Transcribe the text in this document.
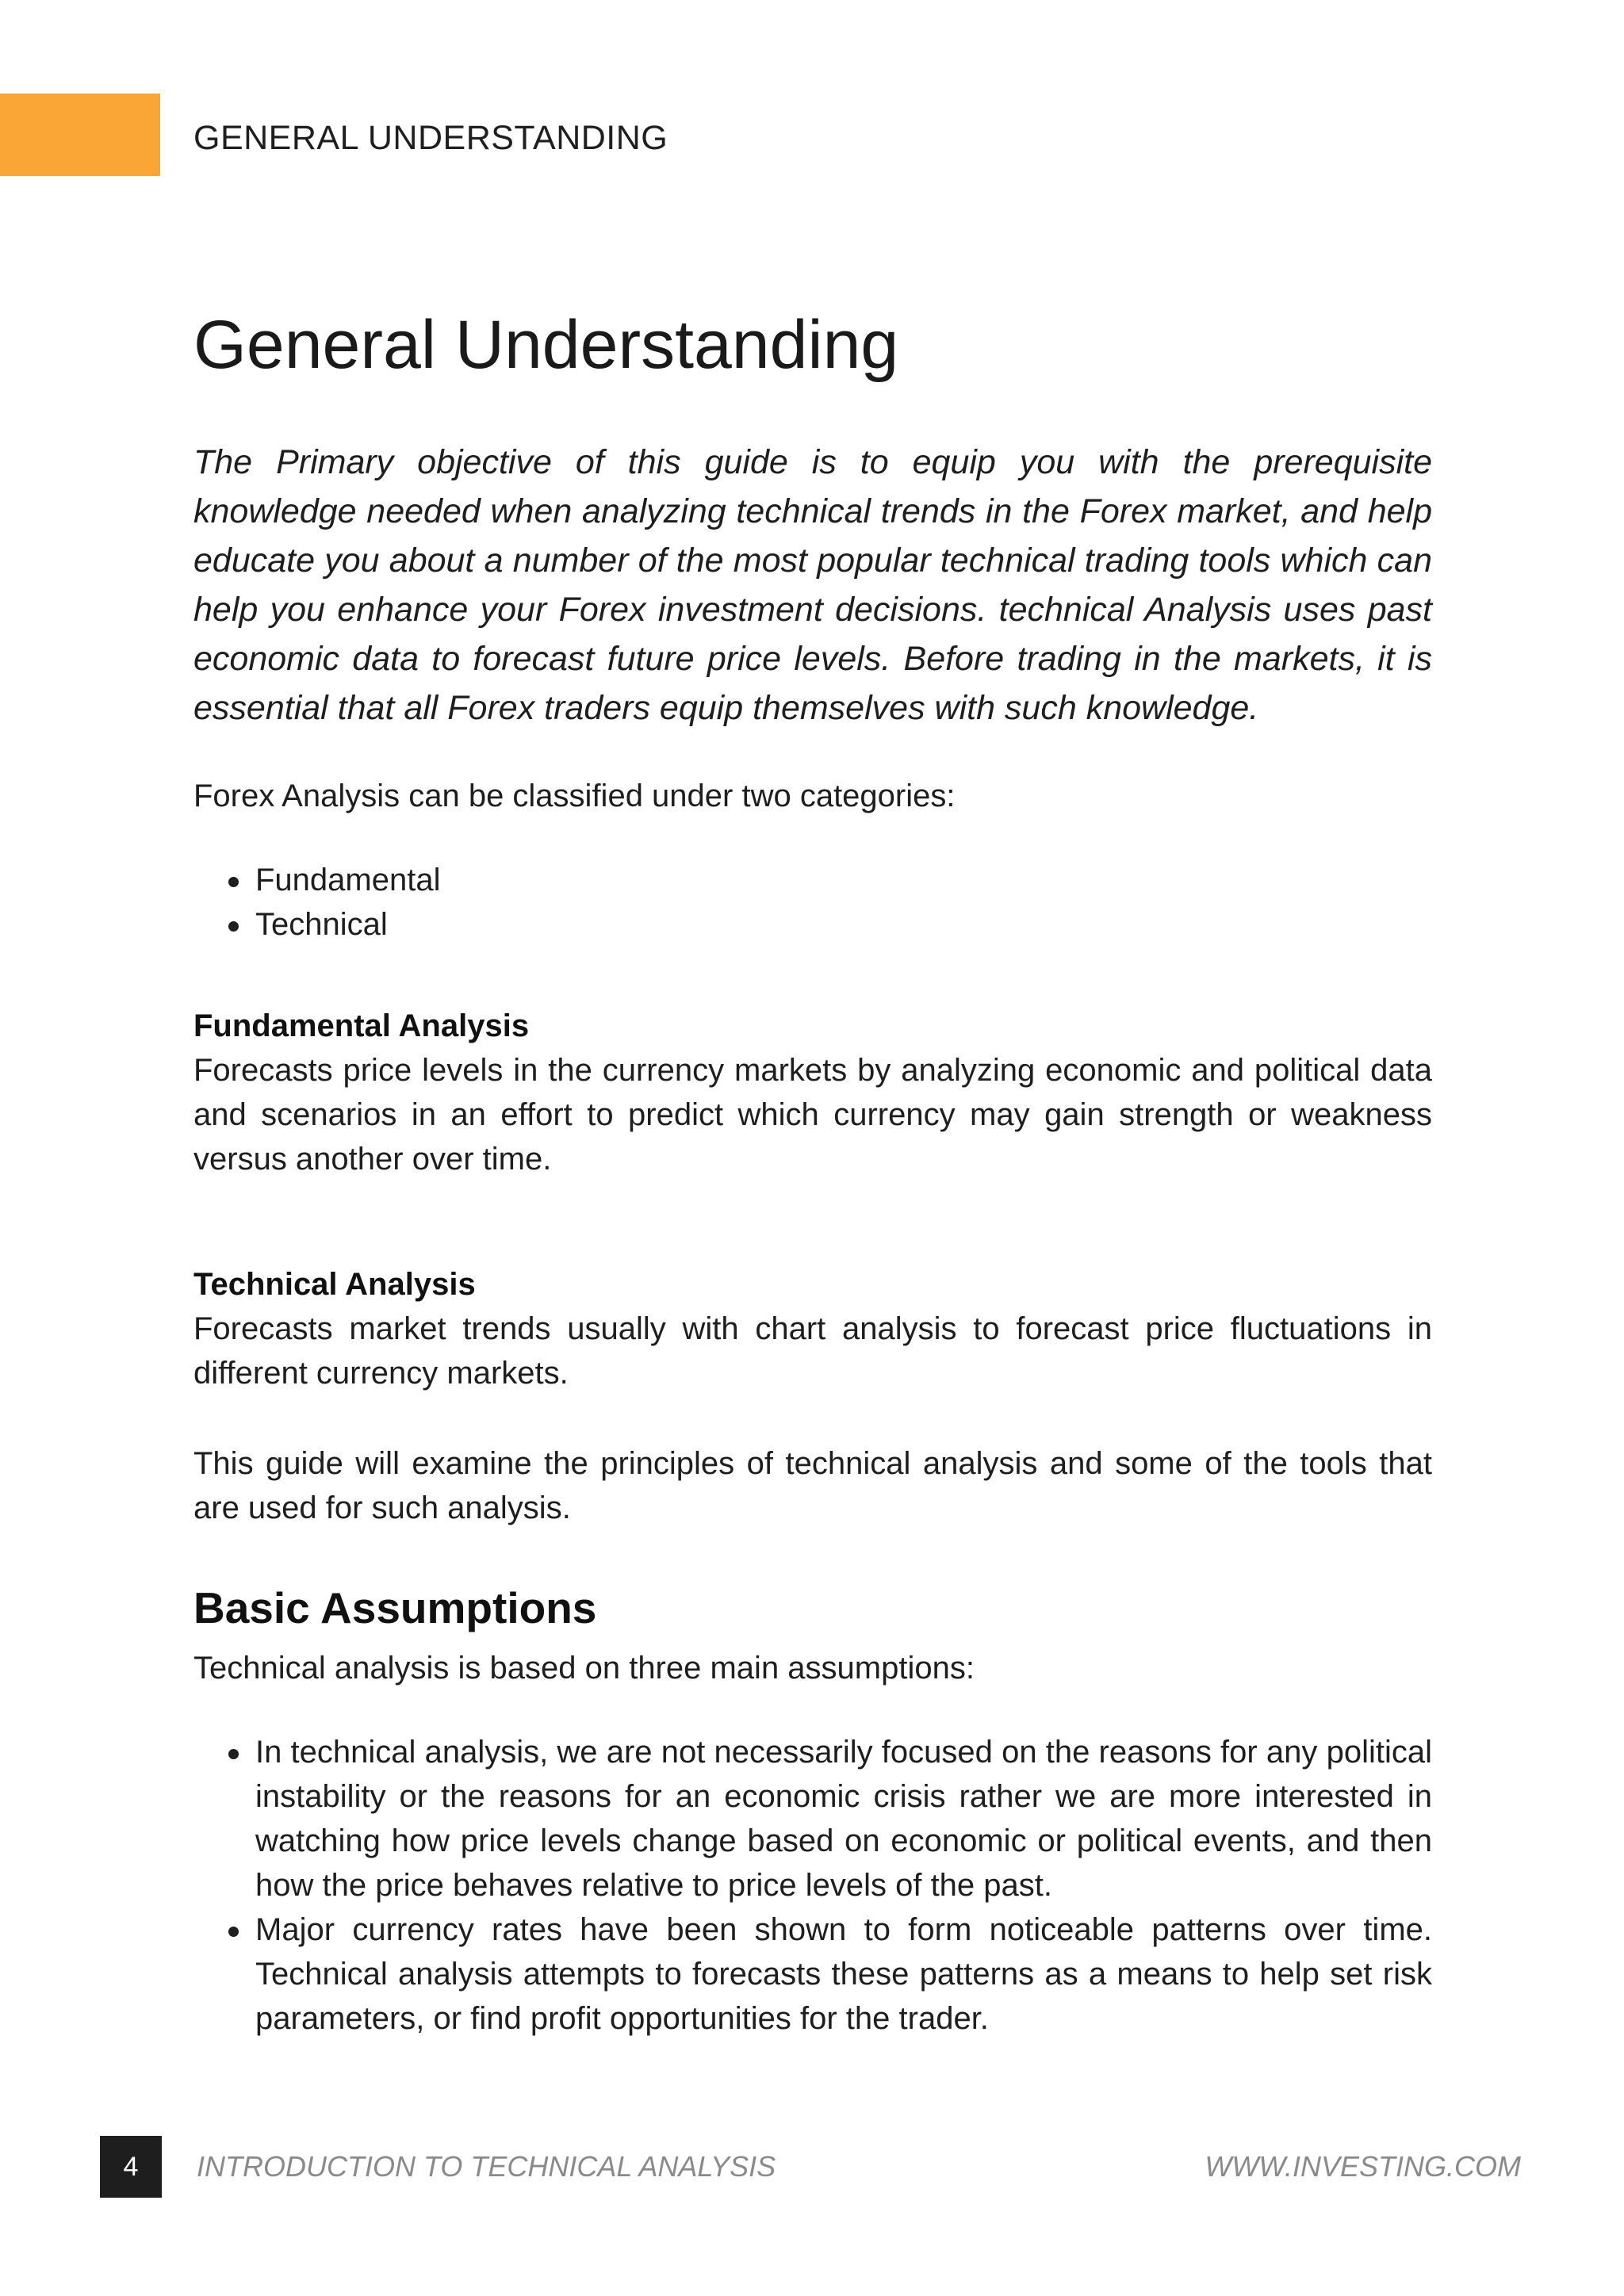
GENERAL UNDERSTANDING

General Understanding

The Primary objective of this guide is to equip you with the prerequisite knowledge needed when analyzing technical trends in the Forex market, and help educate you about a number of the most popular technical trading tools which can help you enhance your Forex investment decisions. technical Analysis uses past economic data to forecast future price levels. Before trading in the markets, it is essential that all Forex traders equip themselves with such knowledge.

Forex Analysis can be classified under two categories:

Fundamental
Technical
Fundamental Analysis

Forecasts price levels in the currency markets by analyzing economic and political data and scenarios in an effort to predict which currency may gain strength or weakness versus another over time.

Technical Analysis

Forecasts market trends usually with chart analysis to forecast price fluctuations in different currency markets.

This guide will examine the principles of technical analysis and some of the tools that are used for such analysis.

Basic Assumptions

Technical analysis is based on three main assumptions:

In technical analysis, we are not necessarily focused on the reasons for any political instability or the reasons for an economic crisis rather we are more interested in watching how price levels change based on economic or political events, and then how the price behaves relative to price levels of the past.
Major currency rates have been shown to form noticeable patterns over time. Technical analysis attempts to forecasts these patterns as a means to help set risk parameters, or find profit opportunities for the trader.
4	INTRODUCTION TO TECHNICAL ANALYSIS	WWW.INVESTING.COM
